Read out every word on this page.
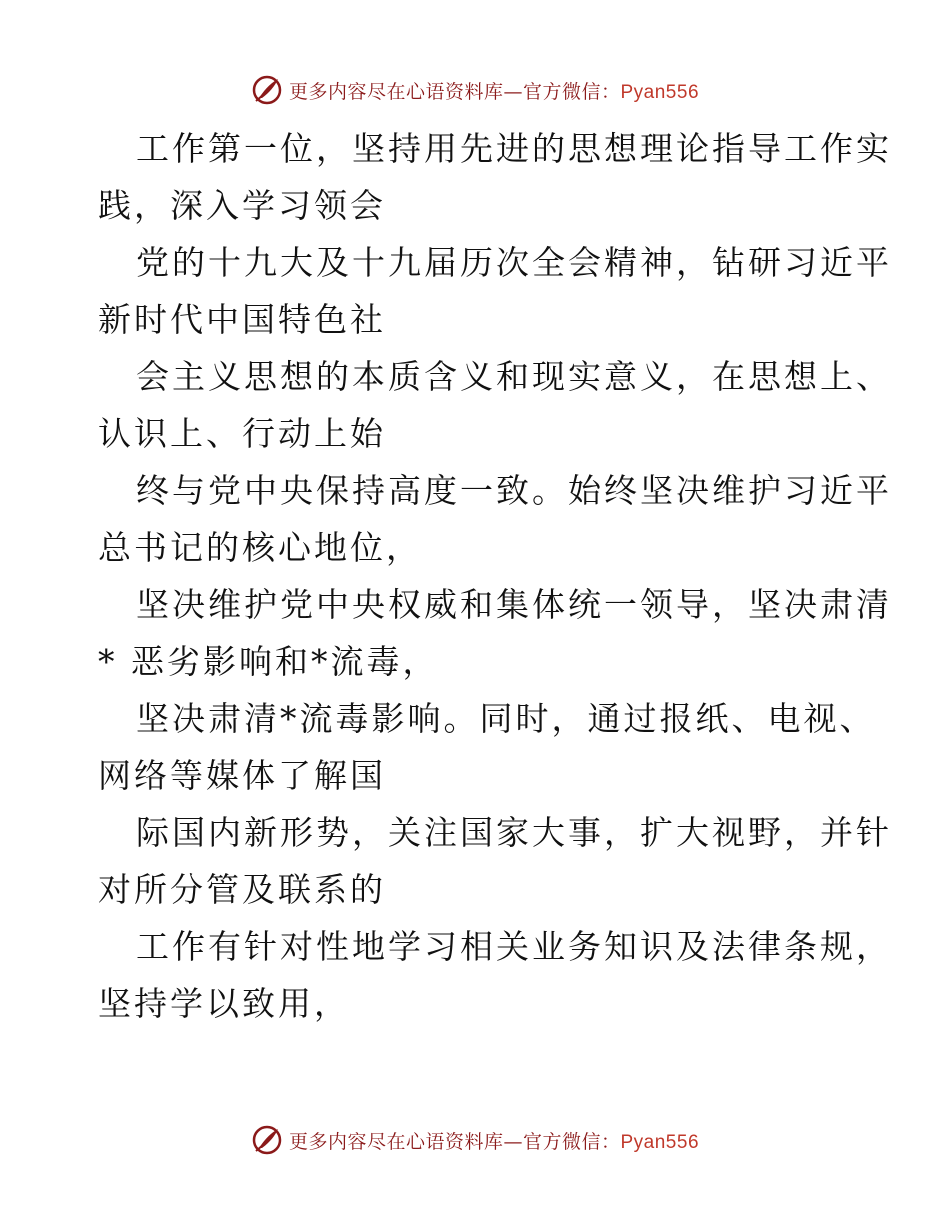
更多内容尽在心语资料库—官方微信：Pyan556
工作第一位，坚持用先进的思想理论指导工作实
践，深入学习领会
党的十九大及十九届历次全会精神，钻研习近平
新时代中国特色社
会主义思想的本质含义和现实意义，在思想上、
认识上、行动上始
终与党中央保持高度一致。始终坚决维护习近平
总书记的核心地位，
坚决维护党中央权威和集体统一领导，坚决肃清
* 恶劣影响和*流毒，
坚决肃清*流毒影响。同时，通过报纸、电视、
网络等媒体了解国
际国内新形势，关注国家大事，扩大视野，并针
对所分管及联系的
工作有针对性地学习相关业务知识及法律条规，
坚持学以致用，
更多内容尽在心语资料库—官方微信：Pyan556
